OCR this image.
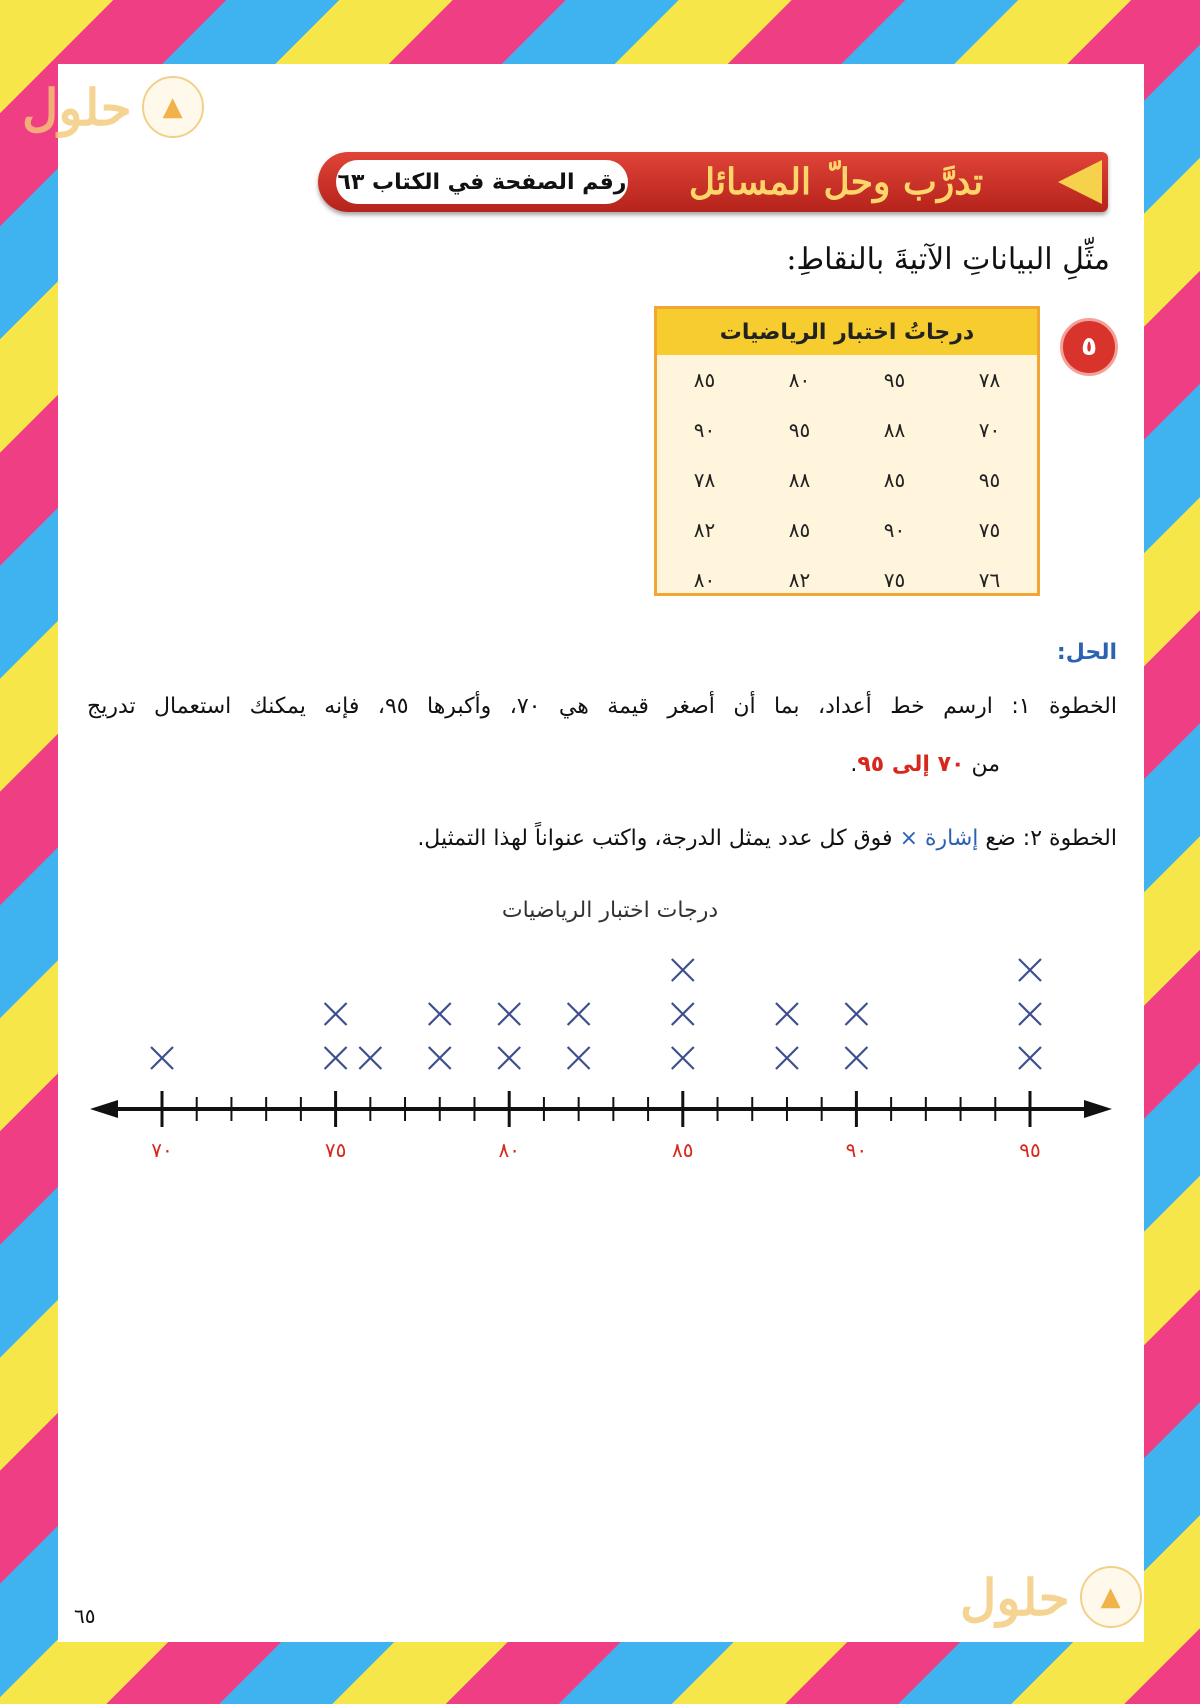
▲
حلول
▲
حلول
رقم الصفحة في الكتاب ٦٣	تدرَّب وحلّ المسائل
مثِّلِ البياناتِ الآتيةَ بالنقاطِ:
٥
درجاتُ اختبار الرياضيات
٧٨	٩٥	٨٠	٨٥
٧٠	٨٨	٩٥	٩٠
٩٥	٨٥	٨٨	٧٨
٧٥	٩٠	٨٥	٨٢
٧٦	٧٥	٨٢	٨٠
الحل:
الخطوة ١: ارسم خط أعداد، بما أن أصغر قيمة هي ٧٠، وأكبرها ٩٥، فإنه يمكنك استعمال تدريج
من ٧٠ إلى ٩٥.
الخطوة ٢: ضع إشارة × فوق كل عدد يمثل الدرجة، واكتب عنواناً لهذا التمثيل.
درجات اختبار الرياضيات
٧٠	٧٥	٨٠	٨٥	٩٠	٩٥
٦٥
